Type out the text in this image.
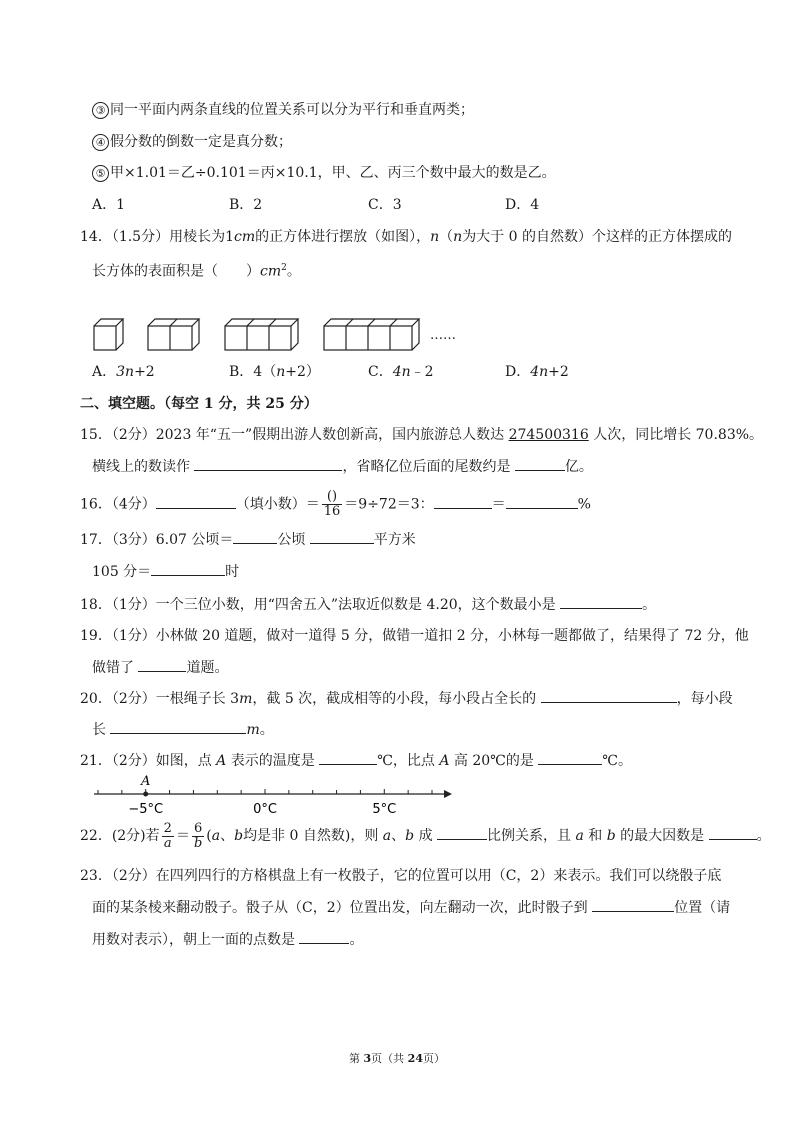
③ 同一平面内两条直线的位置关系可以分为平行和垂直两类；
④ 假分数的倒数一定是真分数；
⑤ 甲×1.01＝乙÷0.101＝丙×10.1，甲、乙、丙三个数中最大的数是乙。
A．1	B．2	C．3	D．4
14．（1.5分）用棱长为1cm的正方体进行摆放（如图），n（n为大于 0 的自然数）个这样的正方体摆成的
长方体的表面积是（　　）$cm^2$。
……
A．3n+2	B．4（n+2）	C．4n﹣2	D．4n+2
二、填空题。（每空 1 分，共 25 分）
15．（2分）2023 年“五一”假期出游人数创新高，国内旅游总人数达 274500316 人次，同比增长 70.83%。
横线上的数读作	，省略亿位后面的尾数约是	亿。
16．（4分）	（填小数）＝ $\frac{()}{16} =9\div 72=3$：	＝	%
17．（3分）6.07 公顷＝	公顷	平方米
105 分＝	时
18．（1分）一个三位小数，用“四舍五入”法取近似数是 4.20，这个数最小是	。
19．（1分）小林做 20 道题，做对一道得 5 分，做错一道扣 2 分，小林每一题都做了，结果得了 72 分，他
做错了	道题。
20．（2分）一根绳子长 3m，截 5 次，截成相等的小段，每小段占全长的	，每小段
长	m。
21．（2分）如图，点 A 表示的温度是	℃，比点 A 高 20℃的是	℃。
A
−5°C	0°C	5°C
22．(2分)若 $\frac{2}{a} = \frac{6}{b} (a$、b均是非 0 自然数)，则 a、b 成	比例关系，且 a 和 b 的最大因数是	。
23．（2分）在四列四行的方格棋盘上有一枚骰子，它的位置可以用（C，2）来表示。我们可以绕骰子底
面的某条棱来翻动骰子。骰子从（C，2）位置出发，向左翻动一次，此时骰子到	位置（请
用数对表示），朝上一面的点数是	。
第 3页（共 24页）
